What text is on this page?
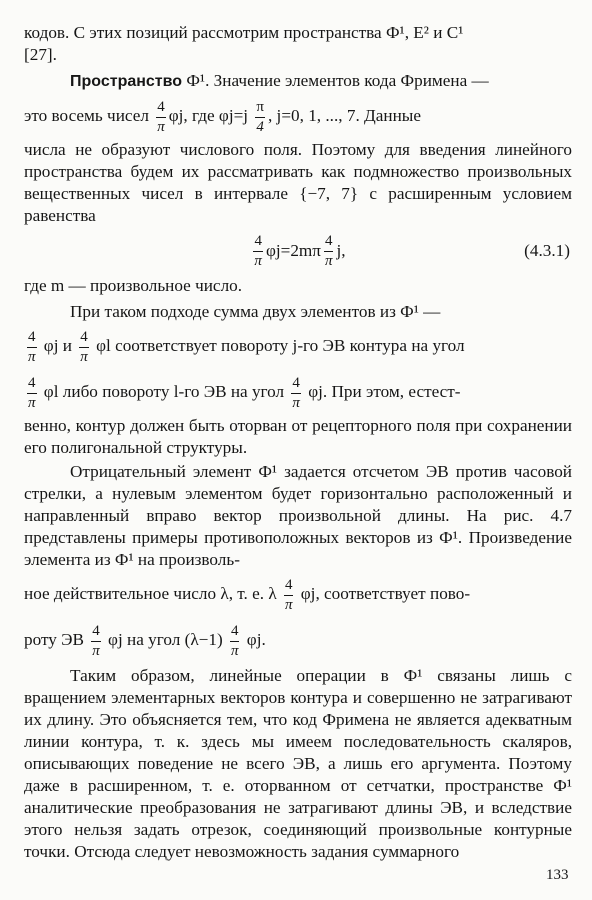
кодов. С этих позиций рассмотрим пространства Ф¹, E² и C¹

[27].

Пространство Ф¹. Значение элементов кода Фримена —

это восемь чисел $\frac{4}{\pi} \varphi j$, где $\varphi j=j \frac{\pi}{4}$ , j=0, 1, ..., 7. Данные

числа не образуют числового поля. Поэтому для введения линейного пространства будем их рассматривать как подмножество произвольных вещественных чисел в интервале {−7, 7} с расширенным условием равенства

$\frac{4}{\pi} \varphi j=2m\pi \frac{4}{\pi} j$,	(4.3.1)

где m — произвольное число.

При таком подходе сумма двух элементов из Ф¹ —

$\frac{4}{\pi}$ φj и $\frac{4}{\pi}$ φl соответствует повороту j-го ЭВ контура на угол

$\frac{4}{\pi}$ φl либо повороту l-го ЭВ на угол $\frac{4}{\pi} \varphi j$. При этом, естест-

венно, контур должен быть оторван от рецепторного поля при сохранении его полигональной структуры.

Отрицательный элемент Ф¹ задается отсчетом ЭВ против часовой стрелки, а нулевым элементом будет горизонтально расположенный и направленный вправо вектор произвольной длины. На рис. 4.7 представлены примеры противоположных векторов из Ф¹. Произведение элемента из Ф¹ на произволь-

ное действительное число λ, т. е. λ $\frac{4}{\pi} \varphi j$, соответствует пово-

роту ЭВ $\frac{4}{\pi}$ φj на угол $(\lambda-1) \frac{4}{\pi} \varphi j$.

Таким образом, линейные операции в Ф¹ связаны лишь с вращением элементарных векторов контура и совершенно не затрагивают их длину. Это объясняется тем, что код Фримена не является адекватным линии контура, т. к. здесь мы имеем последовательность скаляров, описывающих поведение не всего ЭВ, а лишь его аргумента. Поэтому даже в расширенном, т. е. оторванном от сетчатки, пространстве Ф¹ аналитические преобразования не затрагивают длины ЭВ, и вследствие этого нельзя задать отрезок, соединяющий произвольные контурные точки. Отсюда следует невозможность задания суммарного

133
